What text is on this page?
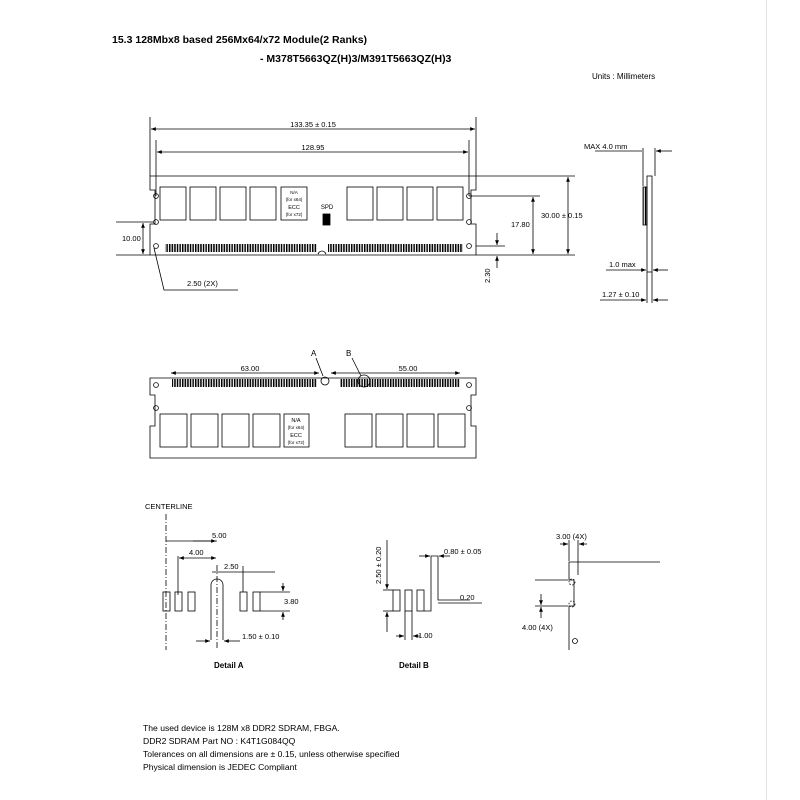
15.3 128Mbx8 based 256Mx64/x72 Module(2 Ranks)
- M378T5663QZ(H)3/M391T5663QZ(H)3
Units : Millimeters
N/A
(for x64)
ECC
(for x72)
SPD
133.35 ± 0.15
128.95
30.00 ± 0.15
17.80
2.30
10.00
2.50 (2X)
MAX 4.0 mm
1.0 max
1.27 ± 0.10
N/A
(for x64)
ECC
(for x72)
63.00	55.00
A	B
CENTERLINE
5.00
4.00
2.50
3.80
1.50 ± 0.10
Detail A
2.50 ± 0.20	0.80 ± 0.05
0.20
1.00
Detail B
3.00 (4X)
4.00 (4X)
The used device is 128M x8 DDR2 SDRAM, FBGA.
DDR2 SDRAM Part NO : K4T1G084QQ
Tolerances on all dimensions are ± 0.15, unless otherwise specified
Physical dimension is JEDEC Compliant
